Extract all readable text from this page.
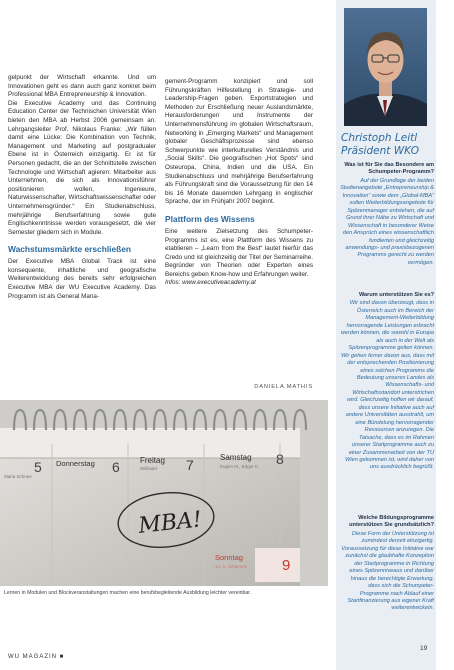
gelpunkt der Wirtschaft erkannte. Und um Innovationen geht es dann auch ganz konkret beim Professional MBA Entrepreneurship & Innovation.

Die Executive Academy und das Continuing Education Center der Technischen Universität Wien bieten den MBA ab Herbst 2006 gemeinsam an. Lehrgangsleiter Prof. Nikolaus Franke: „Wir füllen damit eine Lücke: Die Kombination von Technik, Management und Marketing auf postgradualer Ebene ist in Österreich einzigartig. Er ist für Personen gedacht, die an der Schnittstelle zwischen Technologie und Wirtschaft agieren: Mitarbeiter aus Unternehmen, die sich als Innovationsführer positionieren wollen, Ingenieure, Naturwissenschafter, Wirtschaftswissenschafter oder Unternehmensgründer.“ Ein Studienabschluss, mehrjährige Berufserfahrung sowie gute Englischkenntnisse werden vorausgesetzt, die vier Semester gliedern sich in Module.

Wachstumsmärkte erschließen

Der Executive MBA Global Track ist eine konsequente, inhaltliche und geografische Weiterentwicklung des bereits sehr erfolgreichen Executive MBA der WU Executive Academy. Das Programm ist als General Mana-

gement-Programm konzipiert und soll Führungskräften Hilfestellung in Strategie- und Leadership-Fragen geben. Exportstrategien und Methoden zur Erschließung neuer Auslandsmärkte, Herausforderungen und Instrumente der Unternehmensführung im globalen Wirtschaftsraum, Networking in „Emerging Markets“ und Management globaler Geschäftsprozesse sind ebenso Schwerpunkte wie interkulturelles Verständnis und „Social Skills“. Die geografischen „Hot Spots“ sind Osteuropa, China, Indien und die USA. Ein Studienabschluss und mehrjährige Berufserfahrung als Führungskraft sind die Voraussetzung für den 14 bis 16 Monate dauernden Lehrgang in englischer Sprache, der im Frühjahr 2007 beginnt.

Plattform des Wissens

Eine weitere Zielsetzung des Schumpeter-Programms ist es, eine Plattform des Wissens zu etablieren – „Learn from the Best“ lautet hierfür das Credo und ist gleichzeitig der Titel der Seminarreihe. Begründer von Theorien oder Experten eines Bereichs geben Know-how und Erfahrungen weiter.

Infos: www.executiveacademy.at

DANIELA MATHIS
Christoph Leitl
Präsident WKO

Was ist für Sie das Besondere am Schumpeter-Programm?

Auf der Grundlage der beiden Studienangebote „Entrepreneurship & Innovation“ sowie dem „Global-MBA“ sollen Weiterbildungsangebote für Spitzenmanager entstehen, die auf Grund ihrer Nähe zu Wirtschaft und Wissenschaft in besonderer Weise den Ansprüch eines wissenschaftlich fundierten und gleichzeitig anwendungs- und praxisbezogenen Programms gerecht zu werden vermögen.

Warum unterstützen Sie es?

Wir sind davon überzeugt, dass in Österreich auch im Bereich der Management-Weiterbildung hervorragende Leistungen erbracht werden können, die sowohl in Europa als auch in der Welt als Spitzenprogramme gelten können. Wir gehen ferner davon aus, dass mit der entsprechenden Positionierung eines solchen Programms die Bedeutung unseres Landes als Wissenschafts- und Wirtschaftsstandort unterstrichen wird. Gleichzeitig hoffen wir darauf, dass unsere Initiative auch auf andere Universitäten ausstrahlt, um eine Bündelung hervorragender Ressourcen anzuregen. Die Tatsache, dass es im Rahmen unserer Startprogramme auch zu einer Zusammenarbeit von der TU Wien gekommen ist, wird daher von uns ausdrücklich begrüßt.

Welche Bildungsprogramme unterstützen Sie grundsätzlich?

Diese Form der Unterstützung ist zumindest derzeit einzigartig. Voraussetzung für diese Initiative war zunächst die glaubhafte Konzeption der Startprogramme in Richtung eines Spitzenniveaus und darüber hinaus die berechtigte Erwartung, dass sich die Schumpeter-Programme nach Ablauf einer Startfinanzierung aus eigener Kraft weiterentwickeln.

MBA!
5
Maria Schnee
Donnerstag 6	Freitag
Willibald 7	Samstag
Eugen III., Edgar K. 8
Sonntag
14. n. Johannes 9
Lernen in Modulen und Blockveranstaltungen machen eine berufsbegleitende Ausbildung leichter vereinbar.
WU MAGAZIN ■
19
